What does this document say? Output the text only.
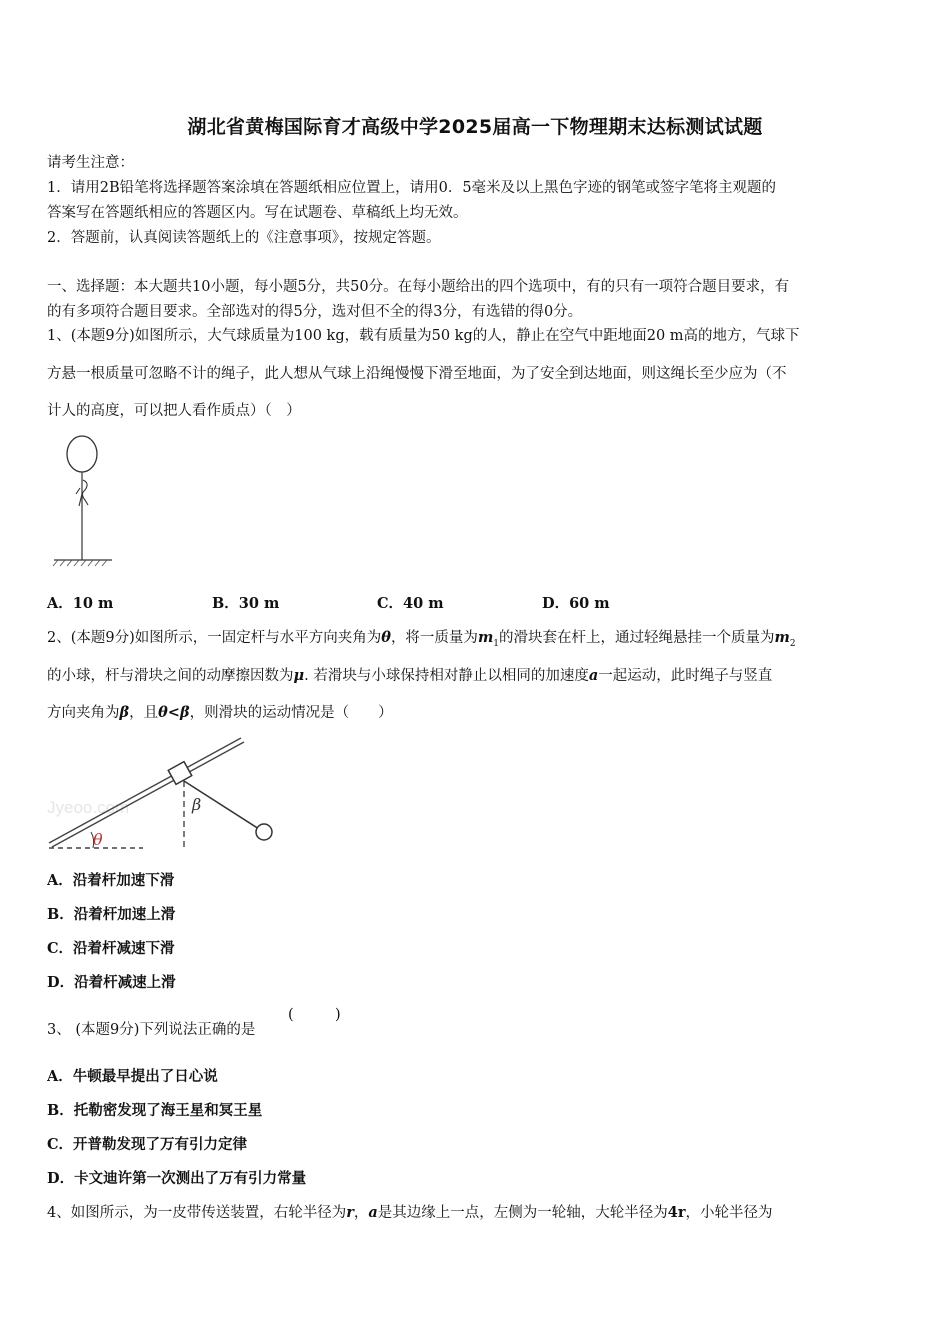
湖北省黄梅国际育才高级中学2025届高一下物理期末达标测试试题
请考生注意：
1．请用2B铅笔将选择题答案涂填在答题纸相应位置上，请用0．5毫米及以上黑色字迹的钢笔或签字笔将主观题的
答案写在答题纸相应的答题区内。写在试题卷、草稿纸上均无效。
2．答题前，认真阅读答题纸上的《注意事项》，按规定答题。
一、选择题：本大题共10小题，每小题5分，共50分。在每小题给出的四个选项中，有的只有一项符合题目要求，有
的有多项符合题目要求。全部选对的得5分，选对但不全的得3分，有选错的得0分。
1、(本题9分)如图所示，大气球质量为100 kg，载有质量为50 kg的人，静止在空气中距地面20 m高的地方，气球下
方悬一根质量可忽略不计的绳子，此人想从气球上沿绳慢慢下滑至地面，为了安全到达地面，则这绳长至少应为（不
计人的高度，可以把人看作质点）（　）
A．10 m	B．30 m	C．40 m	D．60 m
2、(本题9分)如图所示，一固定杆与水平方向夹角为θ，将一质量为$m_1$的滑块套在杆上，通过轻绳悬挂一个质量为$m_2$
的小球，杆与滑块之间的动摩擦因数为μ. 若滑块与小球保持相对静止以相同的加速度a一起运动，此时绳子与竖直
方向夹角为β，且θ<β，则滑块的运动情况是（　　）
Jyeoo.com
θ
β
A．沿着杆加速下滑
B．沿着杆加速上滑
C．沿着杆减速下滑
D．沿着杆减速上滑
3、 (本题9分)下列说法正确的是
(	)
A．牛顿最早提出了日心说
B．托勒密发现了海王星和冥王星
C．开普勒发现了万有引力定律
D．卡文迪许第一次测出了万有引力常量
4、如图所示，为一皮带传送装置，右轮半径为r，a是其边缘上一点，左侧为一轮轴，大轮半径为4r，小轮半径为
